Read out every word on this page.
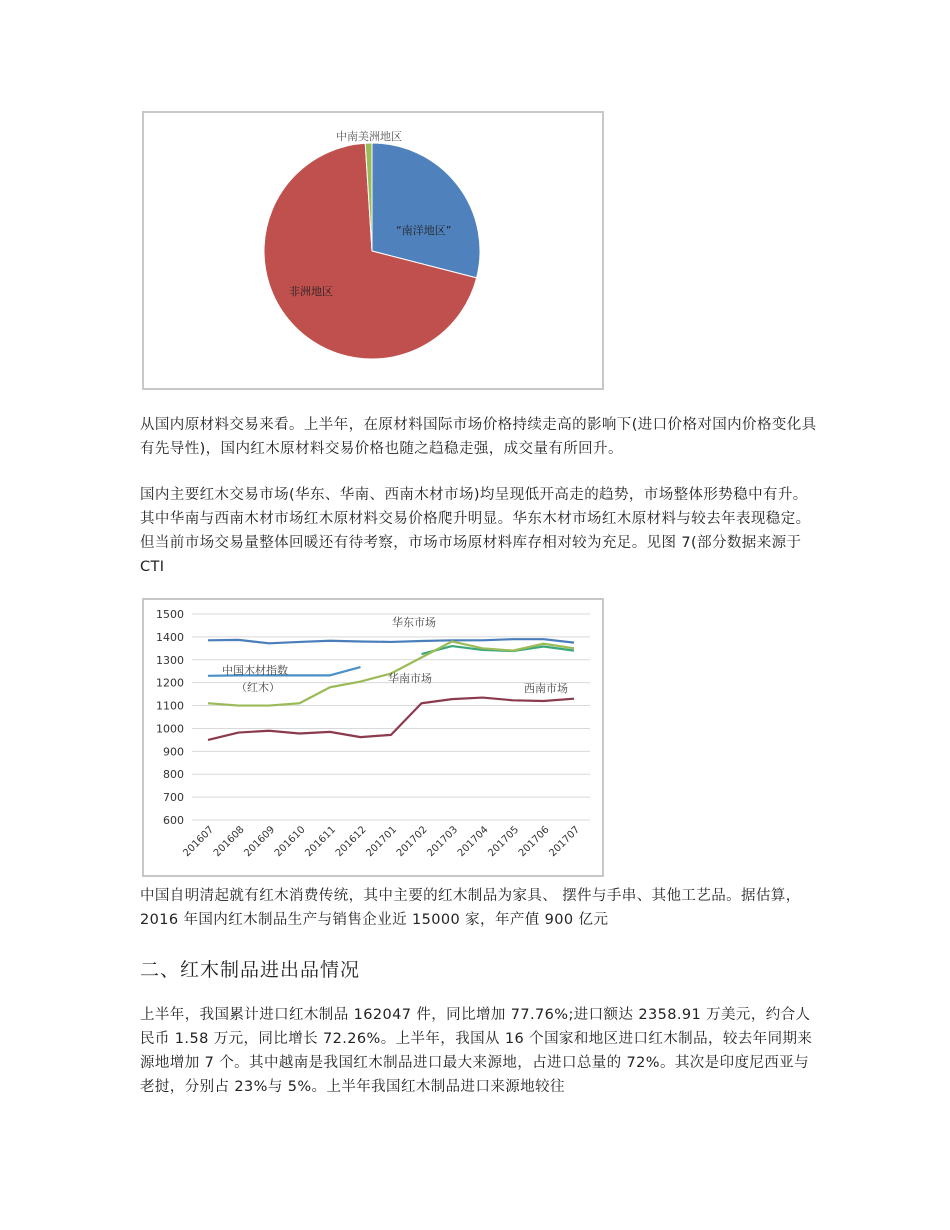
中南美洲地区
“南洋地区”
非洲地区

从国内原材料交易来看。上半年，在原材料国际市场价格持续走高的影响下(进口价格对国内价格变化具有先导性)，国内红木原材料交易价格也随之趋稳走强，成交量有所回升。

国内主要红木交易市场(华东、华南、西南木材市场)均呈现低开高走的趋势，市场整体形势稳中有升。其中华南与西南木材市场红木原材料交易价格爬升明显。华东木材市场红木原材料与较去年表现稳定。但当前市场交易量整体回暖还有待考察，市场市场原材料库存相对较为充足。见图 7(部分数据来源于 CTI

600
700
800
900
1000
1100
1200
1300
1400
1500
201607
201608
201609
201610
201611
201612
201701
201702
201703
201704
201705
201706
201707
华东市场
中国木材指数
（红木）
华南市场
西南市场

中国自明清起就有红木消费传统，其中主要的红木制品为家具、 摆件与手串、其他工艺品。据估算，2016 年国内红木制品生产与销售企业近 15000 家，年产值 900 亿元

二、红木制品进出品情况

上半年，我国累计进口红木制品 162047 件，同比增加 77.76%;进口额达 2358.91 万美元，约合人民币 1.58 万元，同比增长 72.26%。上半年，我国从 16 个国家和地区进口红木制品，较去年同期来源地增加 7 个。其中越南是我国红木制品进口最大来源地，占进口总量的 72%。其次是印度尼西亚与老挝，分别占 23%与 5%。上半年我国红木制品进口来源地较往
